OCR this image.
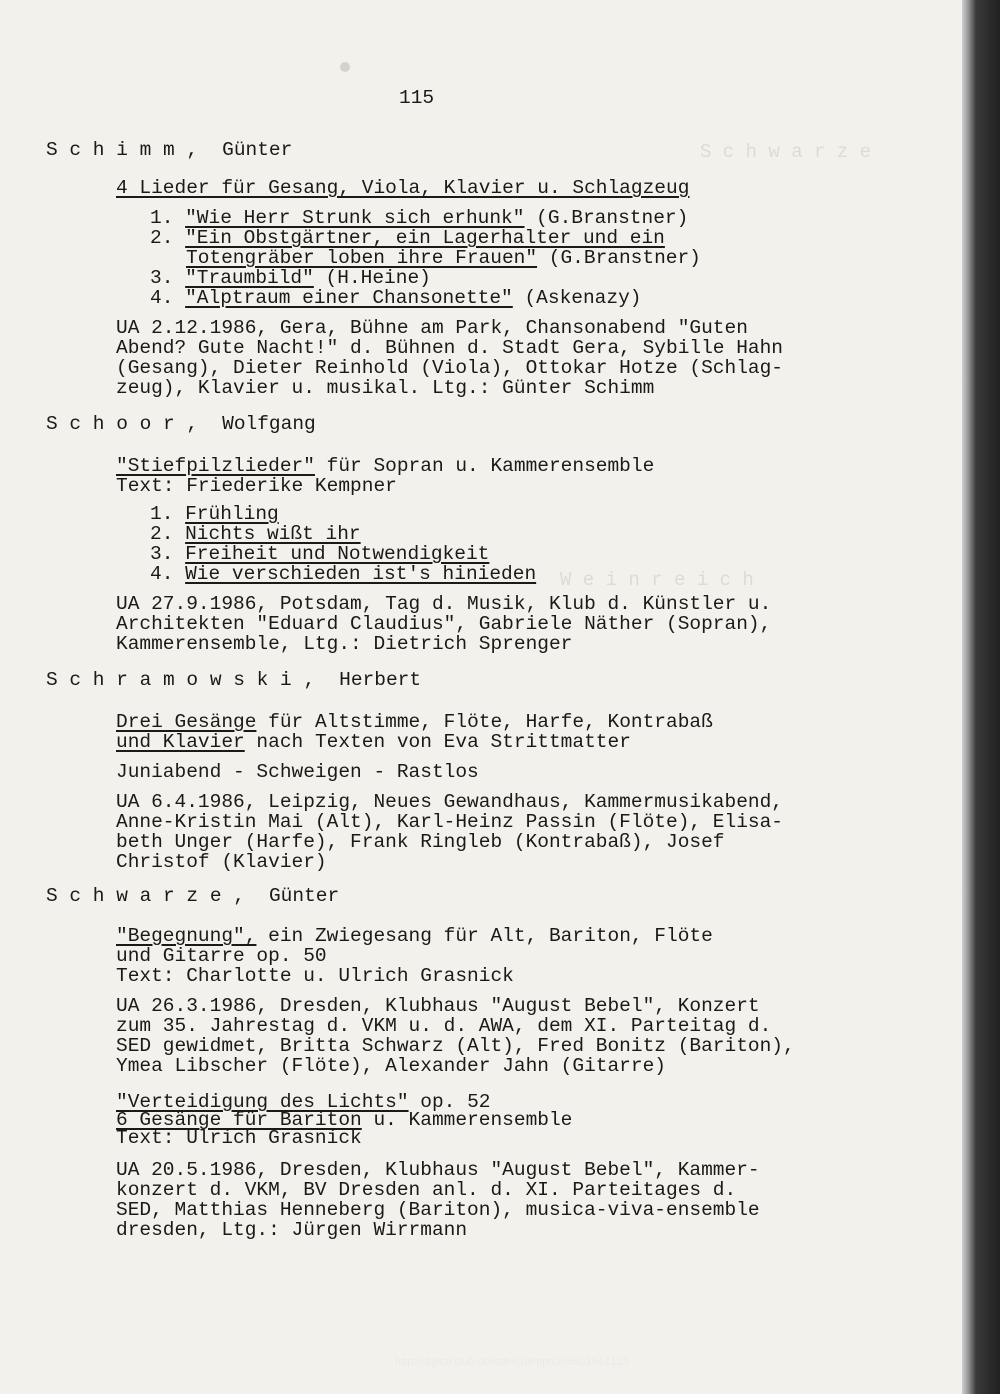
S c h w a r z e
W e i n r e i c h
115
S c h i m m , Günter
4 Lieder für Gesang, Viola, Klavier u. Schlagzeug
1. "Wie Herr Strunk sich erhunk" (G.Branstner)
2. "Ein Obstgärtner, ein Lagerhalter und ein
Totengräber loben ihre Frauen" (G.Branstner)
3. "Traumbild" (H.Heine)
4. "Alptraum einer Chansonette" (Askenazy)
UA 2.12.1986, Gera, Bühne am Park, Chansonabend "Guten
Abend? Gute Nacht!" d. Bühnen d. Stadt Gera, Sybille Hahn
(Gesang), Dieter Reinhold (Viola), Ottokar Hotze (Schlag-
zeug), Klavier u. musikal. Ltg.: Günter Schimm
S c h o o r , Wolfgang
"Stiefpilzlieder" für Sopran u. Kammerensemble
Text: Friederike Kempner
1. Frühling
2. Nichts wißt ihr
3. Freiheit und Notwendigkeit
4. Wie verschieden ist's hinieden
UA 27.9.1986, Potsdam, Tag d. Musik, Klub d. Künstler u.
Architekten "Eduard Claudius", Gabriele Näther (Sopran),
Kammerensemble, Ltg.: Dietrich Sprenger
S c h r a m o w s k i , Herbert
Drei Gesänge für Altstimme, Flöte, Harfe, Kontrabaß
und Klavier nach Texten von Eva Strittmatter
Juniabend - Schweigen - Rastlos
UA 6.4.1986, Leipzig, Neues Gewandhaus, Kammermusikabend,
Anne-Kristin Mai (Alt), Karl-Heinz Passin (Flöte), Elisa-
beth Unger (Harfe), Frank Ringleb (Kontrabaß), Josef
Christof (Klavier)
S c h w a r z e , Günter
"Begegnung", ein Zwiegesang für Alt, Bariton, Flöte
und Gitarre op. 50
Text: Charlotte u. Ulrich Grasnick
UA 26.3.1986, Dresden, Klubhaus "August Bebel", Konzert
zum 35. Jahrestag d. VKM u. d. AWA, dem XI. Parteitag d.
SED gewidmet, Britta Schwarz (Alt), Fred Bonitz (Bariton),
Ymea Libscher (Flöte), Alexander Jahn (Gitarre)
"Verteidigung des Lichts" op. 52
6 Gesänge für Bariton u. Kammerensemble
Text: Ulrich Grasnick
UA 20.5.1986, Dresden, Klubhaus "August Bebel", Kammer-
konzert d. VKM, BV Dresden anl. d. XI. Parteitages d.
SED, Matthias Henneberg (Bariton), musica-viva-ensemble
dresden, Ltg.: Jürgen Wirrmann
http://digital.slub-dresden.de/ppn30580164Z123
